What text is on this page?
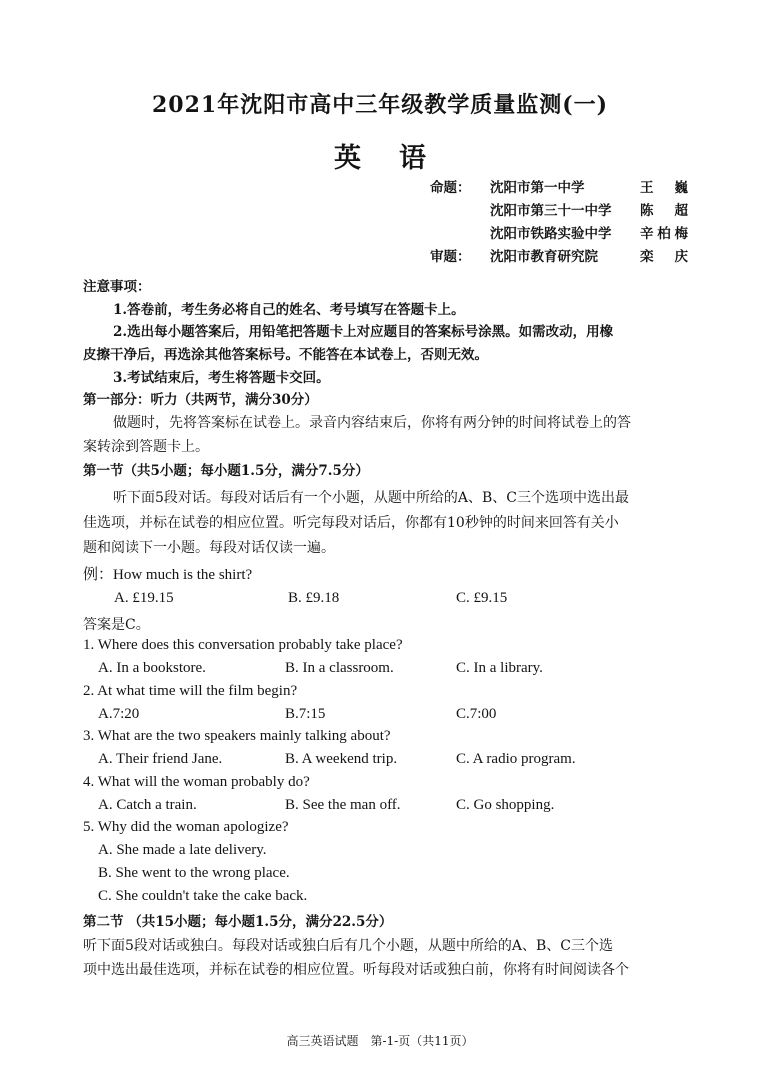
2021年沈阳市高中三年级教学质量监测(一)
英语
命题：	沈阳市第一中学	王巍
沈阳市第三十一中学	陈超
沈阳市铁路实验中学	辛柏梅
审题：	沈阳市教育研究院	栾庆
注意事项：
1.答卷前，考生务必将自己的姓名、考号填写在答题卡上。
2.选出每小题答案后，用铅笔把答题卡上对应题目的答案标号涂黑。如需改动，用橡
皮擦干净后，再选涂其他答案标号。不能答在本试卷上，否则无效。
3.考试结束后，考生将答题卡交回。
第一部分：听力（共两节，满分30分）
做题时，先将答案标在试卷上。录音内容结束后，你将有两分钟的时间将试卷上的答
案转涂到答题卡上。
第一节（共5小题；每小题1.5分，满分7.5分）
听下面5段对话。每段对话后有一个小题，从题中所给的A、B、C三个选项中选出最
佳选项，并标在试卷的相应位置。听完每段对话后，你都有10秒钟的时间来回答有关小
题和阅读下一小题。每段对话仅读一遍。
例：How much is the shirt?
A. £19.15	B. £9.18	C. £9.15
答案是C。
1. Where does this conversation probably take place?
A. In a bookstore.	B. In a classroom.	C. In a library.
2. At what time will the film begin?
A.7:20	B.7:15	C.7:00
3. What are the two speakers mainly talking about?
A. Their friend Jane.	B. A weekend trip.	C. A radio program.
4. What will the woman probably do?
A. Catch a train.	B. See the man off.	C. Go shopping.
5. Why did the woman apologize?
A. She made a late delivery.
B. She went to the wrong place.
C. She couldn't take the cake back.
第二节 （共15小题；每小题1.5分，满分22.5分）
听下面5段对话或独白。每段对话或独白后有几个小题，从题中所给的A、B、C三个选
项中选出最佳选项，并标在试卷的相应位置。听每段对话或独白前，你将有时间阅读各个
高三英语试题　第-1-页（共11页）
